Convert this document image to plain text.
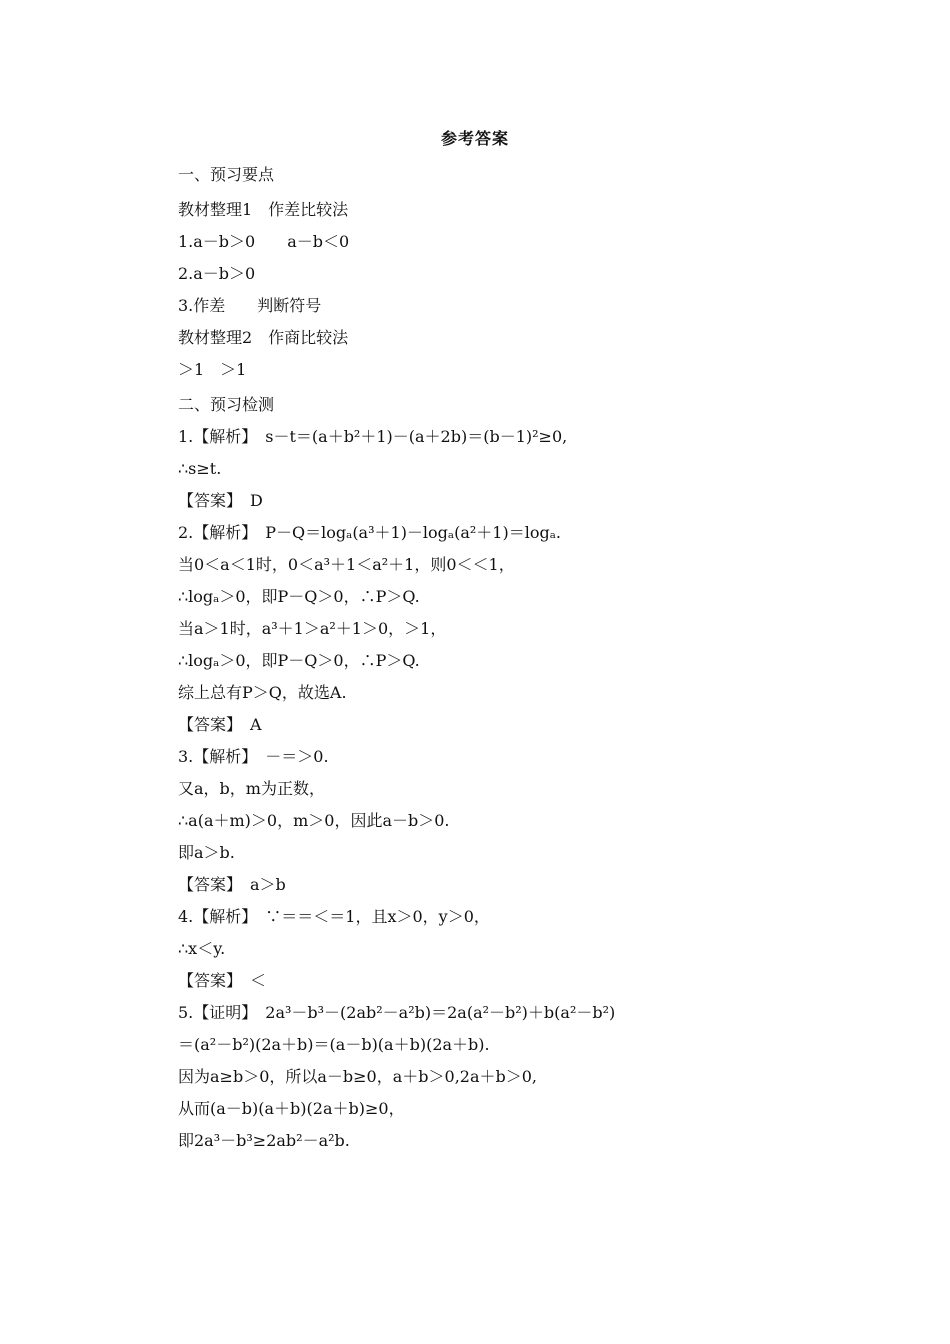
参考答案
一、预习要点
教材整理1　作差比较法
1.a－b＞0　　a－b＜0
2.a－b＞0
3.作差　　判断符号
教材整理2　作商比较法
＞1　＞1
二、预习检测
1.【解析】　s－t＝(a＋b²＋1)－(a＋2b)＝(b－1)²≥0,
∴s≥t.
【答案】　D
2.【解析】　P－Q＝logₐ(a³＋1)－logₐ(a²＋1)＝logₐ.
当0＜a＜1时，0＜a³＋1＜a²＋1，则0＜＜1，
∴logₐ＞0，即P－Q＞0，∴P＞Q.
当a＞1时，a³＋1＞a²＋1＞0，＞1，
∴logₐ＞0，即P－Q＞0，∴P＞Q.
综上总有P＞Q，故选A.
【答案】　A
3.【解析】　－＝＞0.
又a，b，m为正数，
∴a(a＋m)＞0，m＞0，因此a－b＞0.
即a＞b.
【答案】　a＞b
4.【解析】　∵＝＝＜＝1，且x＞0，y＞0，
∴x＜y.
【答案】　＜
5.【证明】　2a³－b³－(2ab²－a²b)＝2a(a²－b²)＋b(a²－b²)
＝(a²－b²)(2a＋b)＝(a－b)(a＋b)(2a＋b).
因为a≥b＞0，所以a－b≥0，a＋b＞0,2a＋b＞0,
从而(a－b)(a＋b)(2a＋b)≥0，
即2a³－b³≥2ab²－a²b.
